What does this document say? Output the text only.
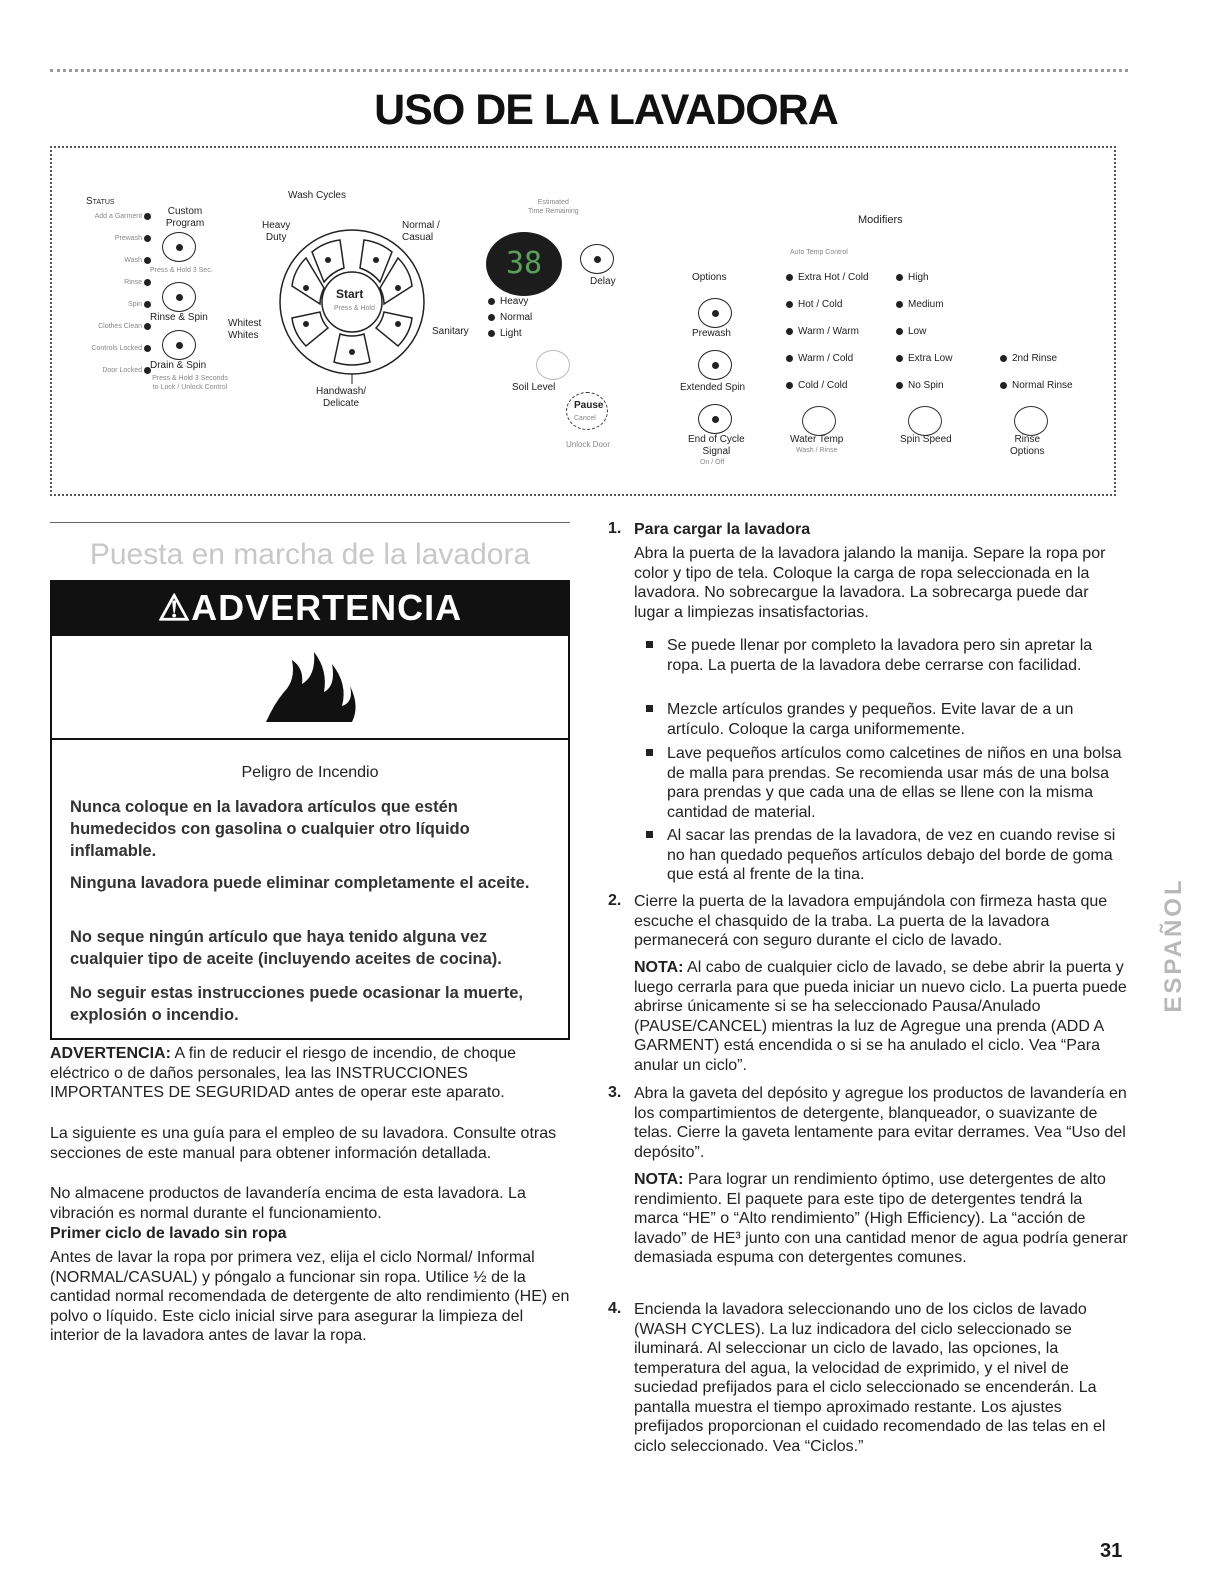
USO DE LA LAVADORA
Status
Add a Garment
Prewash
Wash
Rinse
Spin
Clothes Clean
Controls Locked
Door Locked
Custom Program
Press & Hold 3 Sec.
Rinse & Spin
Drain & Spin
Press & Hold 3 Seconds to Lock / Unlock Control
Wash Cycles
Heavy
Duty
Normal /
Casual
Whitest
Whites	Sanitary
Handwash/
Delicate
Start
Press & Hold
Estimated
Time Remaining
38
Delay
Heavy
Normal
Light
Soil Level
Pause
Cancel
Unlock Door
Modifiers
Auto Temp Control
Options
Prewash
Extended Spin
End of Cycle
Signal
On / Off
Extra Hot / Cold
Hot / Cold
Warm / Warm
Warm / Cold
Cold / Cold
High
Medium
Low
Extra Low
No Spin
2nd Rinse
Normal Rinse
Water Temp
Wash / Rinse
Spin Speed	Rinse
Options
Puesta en marcha de la lavadora
⚠ADVERTENCIA
Peligro de Incendio
Nunca coloque en la lavadora artículos que estén humedecidos con gasolina o cualquier otro líquido inflamable.
Ninguna lavadora puede eliminar completamente el aceite.
No seque ningún artículo que haya tenido alguna vez cualquier tipo de aceite (incluyendo aceites de cocina).
No seguir estas instrucciones puede ocasionar la muerte, explosión o incendio.
ADVERTENCIA: A fin de reducir el riesgo de incendio, de choque eléctrico o de daños personales, lea las INSTRUCCIONES IMPORTANTES DE SEGURIDAD antes de operar este aparato.
La siguiente es una guía para el empleo de su lavadora. Consulte otras secciones de este manual para obtener información detallada.
No almacene productos de lavandería encima de esta lavadora. La vibración es normal durante el funcionamiento.
Primer ciclo de lavado sin ropa
Antes de lavar la ropa por primera vez, elija el ciclo Normal/ Informal (NORMAL/CASUAL) y póngalo a funcionar sin ropa. Utilice ½ de la cantidad normal recomendada de detergente de alto rendimiento (HE) en polvo o líquido. Este ciclo inicial sirve para asegurar la limpieza del interior de la lavadora antes de lavar la ropa.
1. Para cargar la lavadora
Abra la puerta de la lavadora jalando la manija. Separe la ropa por color y tipo de tela. Coloque la carga de ropa seleccionada en la lavadora. No sobrecargue la lavadora. La sobrecarga puede dar lugar a limpiezas insatisfactorias.
Se puede llenar por completo la lavadora pero sin apretar la ropa. La puerta de la lavadora debe cerrarse con facilidad.
Mezcle artículos grandes y pequeños. Evite lavar de a un artículo. Coloque la carga uniformemente.
Lave pequeños artículos como calcetines de niños en una bolsa de malla para prendas. Se recomienda usar más de una bolsa para prendas y que cada una de ellas se llene con la misma cantidad de material.
Al sacar las prendas de la lavadora, de vez en cuando revise si no han quedado pequeños artículos debajo del borde de goma que está al frente de la tina.
2. Cierre la puerta de la lavadora empujándola con firmeza hasta que escuche el chasquido de la traba. La puerta de la lavadora permanecerá con seguro durante el ciclo de lavado.
NOTA: Al cabo de cualquier ciclo de lavado, se debe abrir la puerta y luego cerrarla para que pueda iniciar un nuevo ciclo. La puerta puede abrirse únicamente si se ha seleccionado Pausa/Anulado (PAUSE/CANCEL) mientras la luz de Agregue una prenda (ADD A GARMENT) está encendida o si se ha anulado el ciclo. Vea “Para anular un ciclo”.
3. Abra la gaveta del depósito y agregue los productos de lavandería en los compartimientos de detergente, blanqueador, o suavizante de telas. Cierre la gaveta lentamente para evitar derrames. Vea “Uso del depósito”.
NOTA: Para lograr un rendimiento óptimo, use detergentes de alto rendimiento. El paquete para este tipo de detergentes tendrá la marca “HE” o “Alto rendimiento” (High Efficiency). La “acción de lavado” de HE³ junto con una cantidad menor de agua podría generar demasiada espuma con detergentes comunes.
4. Encienda la lavadora seleccionando uno de los ciclos de lavado (WASH CYCLES). La luz indicadora del ciclo seleccionado se iluminará. Al seleccionar un ciclo de lavado, las opciones, la temperatura del agua, la velocidad de exprimido, y el nivel de suciedad prefijados para el ciclo seleccionado se encenderán. La pantalla muestra el tiempo aproximado restante. Los ajustes prefijados proporcionan el cuidado recomendado de las telas en el ciclo seleccionado. Vea “Ciclos.”
ESPAÑOL
31
